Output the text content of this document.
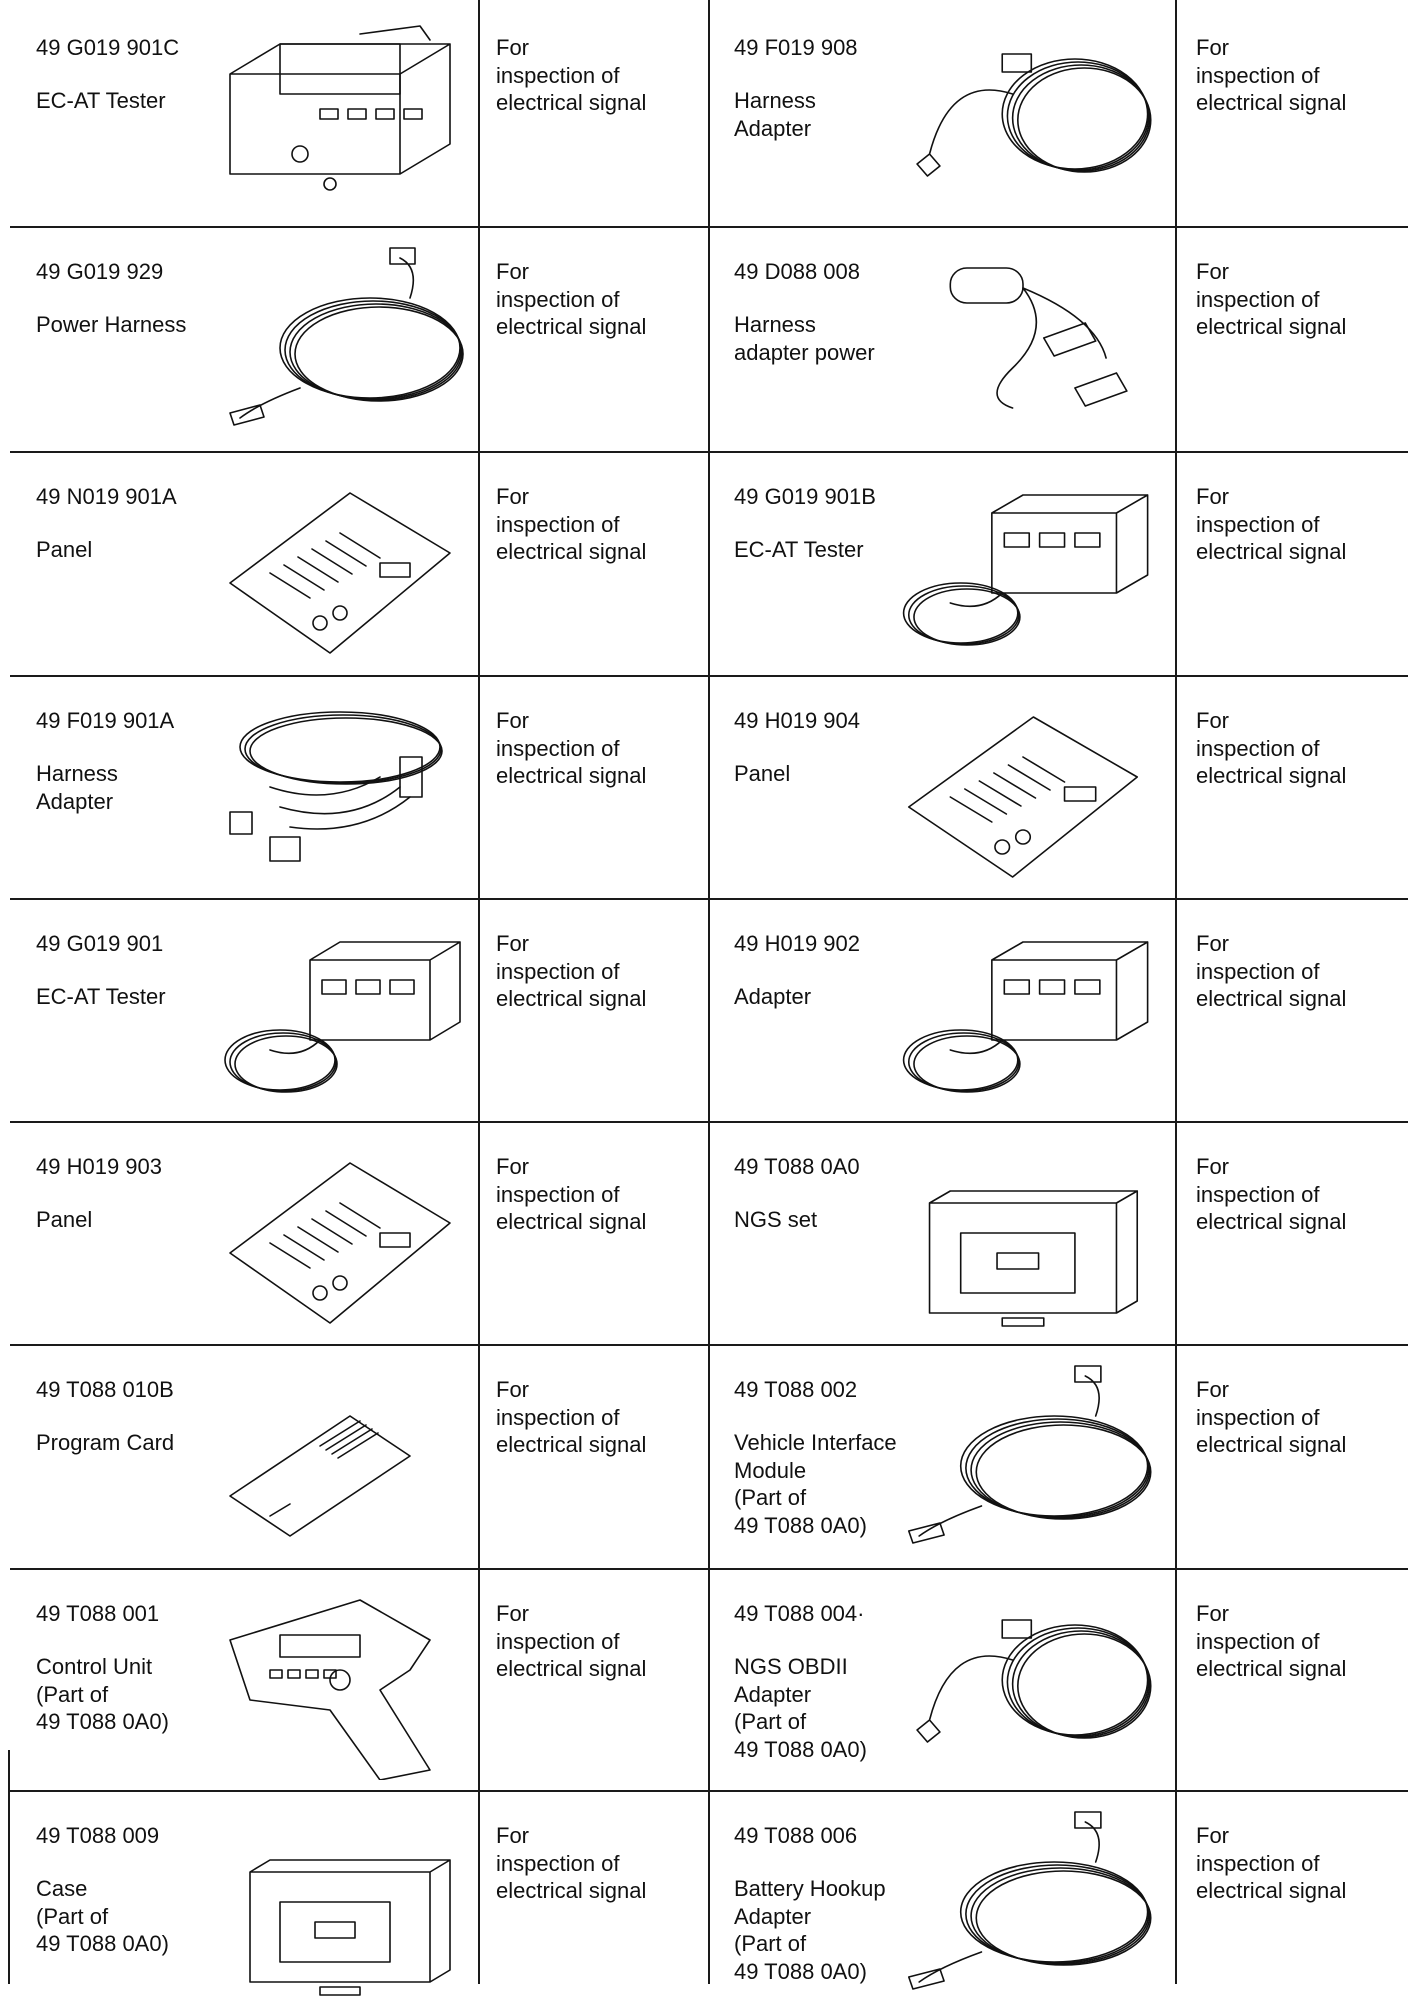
49 G019 901C
EC-AT Tester
For
inspection of
electrical signal
49 F019 908
Harness
Adapter
For
inspection of
electrical signal
49 G019 929
Power Harness
For
inspection of
electrical signal
49 D088 008
Harness
adapter power
For
inspection of
electrical signal
49 N019 901A
Panel
For
inspection of
electrical signal
49 G019 901B
EC-AT Tester
For
inspection of
electrical signal
49 F019 901A
Harness
Adapter
For
inspection of
electrical signal
49 H019 904
Panel
For
inspection of
electrical signal
49 G019 901
EC-AT Tester
For
inspection of
electrical signal
49 H019 902
Adapter
For
inspection of
electrical signal
49 H019 903
Panel
For
inspection of
electrical signal
49 T088 0A0
NGS set
For
inspection of
electrical signal
49 T088 010B
Program Card
For
inspection of
electrical signal
49 T088 002
Vehicle Interface
Module
(Part of
49 T088 0A0)
For
inspection of
electrical signal
49 T088 001
Control Unit
(Part of
49 T088 0A0)
For
inspection of
electrical signal
49 T088 004·
NGS OBDII
Adapter
(Part of
49 T088 0A0)
For
inspection of
electrical signal
49 T088 009
Case
(Part of
49 T088 0A0)
For
inspection of
electrical signal
49 T088 006
Battery Hookup
Adapter
(Part of
49 T088 0A0)
For
inspection of
electrical signal
